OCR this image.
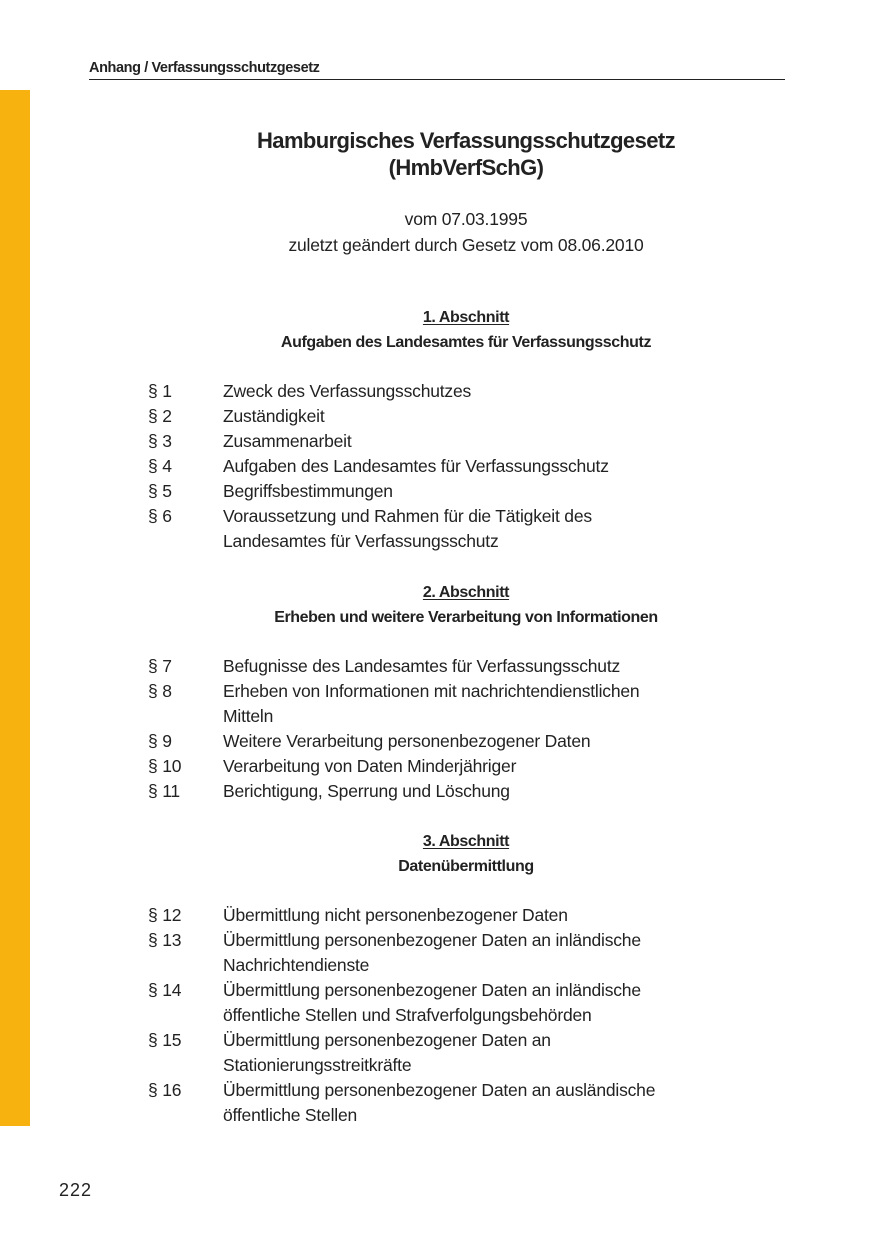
Anhang / Verfassungsschutzgesetz
Hamburgisches Verfassungsschutzgesetz
(HmbVerfSchG)
vom 07.03.1995
zuletzt geändert durch Gesetz vom 08.06.2010
1. Abschnitt
Aufgaben des Landesamtes für Verfassungsschutz
§ 1	Zweck des Verfassungsschutzes
§ 2	Zuständigkeit
§ 3	Zusammenarbeit
§ 4	Aufgaben des Landesamtes für Verfassungsschutz
§ 5	Begriffsbestimmungen
§ 6	Voraussetzung und Rahmen für die Tätigkeit des
Landesamtes für Verfassungsschutz
2. Abschnitt
Erheben und weitere Verarbeitung von Informationen
§ 7	Befugnisse des Landesamtes für Verfassungsschutz
§ 8	Erheben von Informationen mit nachrichtendienstlichen
Mitteln
§ 9	Weitere Verarbeitung personenbezogener Daten
§ 10	Verarbeitung von Daten Minderjähriger
§ 11	Berichtigung, Sperrung und Löschung
3. Abschnitt
Datenübermittlung
§ 12	Übermittlung nicht personenbezogener Daten
§ 13	Übermittlung personenbezogener Daten an inländische
Nachrichtendienste
§ 14	Übermittlung personenbezogener Daten an inländische
öffentliche Stellen und Strafverfolgungsbehörden
§ 15	Übermittlung personenbezogener Daten an
Stationierungsstreitkräfte
§ 16	Übermittlung personenbezogener Daten an ausländische
öffentliche Stellen
222
